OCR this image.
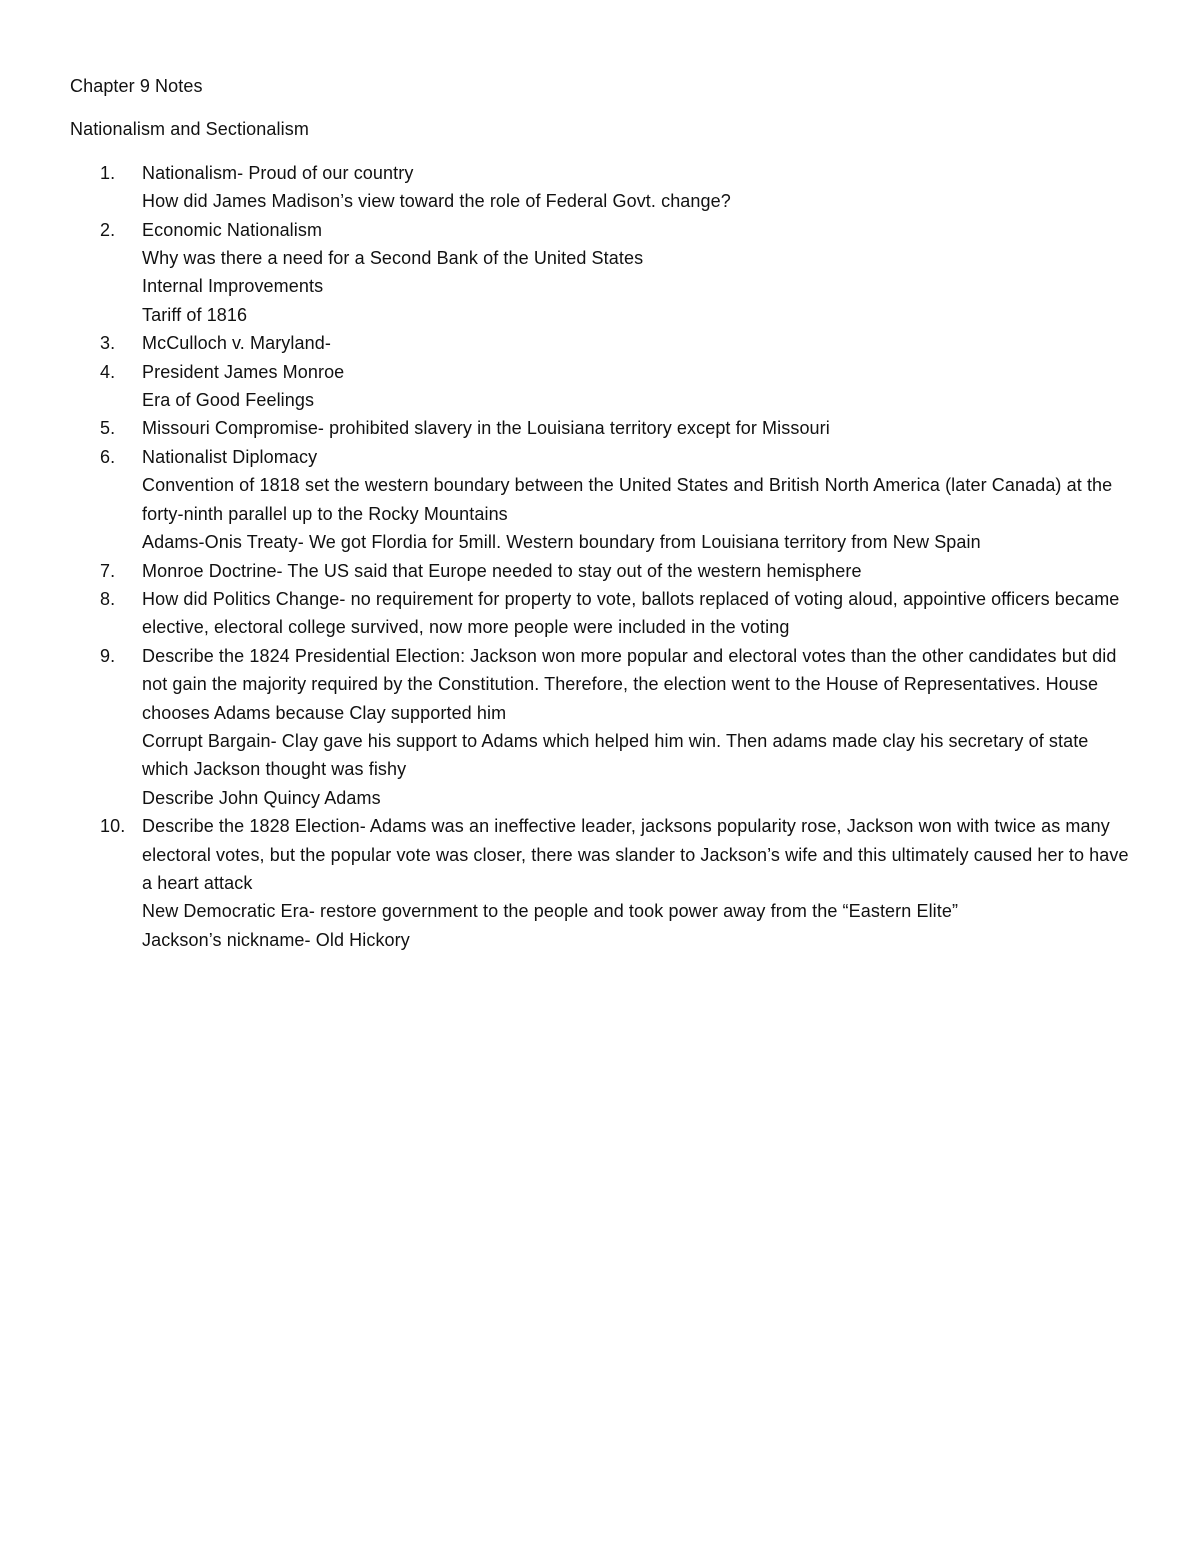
Chapter 9 Notes
Nationalism and Sectionalism
1. Nationalism- Proud of our country
How did James Madison’s view toward the role of Federal Govt. change?
2. Economic Nationalism
Why was there a need for a Second Bank of the United States
Internal Improvements
Tariff of 1816
3. McCulloch v. Maryland-
4. President James Monroe
Era of Good Feelings
5. Missouri Compromise- prohibited slavery in the Louisiana territory except for Missouri
6. Nationalist Diplomacy
Convention of 1818 set the western boundary between the United States and British North America (later Canada) at the forty-ninth parallel up to the Rocky Mountains
Adams-Onis Treaty- We got Flordia for 5mill. Western boundary from Louisiana territory from New Spain
7. Monroe Doctrine- The US said that Europe needed to stay out of the western hemisphere
8. How did Politics Change- no requirement for property to vote, ballots replaced of voting aloud, appointive officers became elective, electoral college survived, now more people were included in the voting
9. Describe the 1824 Presidential Election: Jackson won more popular and electoral votes than the other candidates but did not gain the majority required by the Constitution. Therefore, the election went to the House of Representatives. House chooses Adams because Clay supported him
Corrupt Bargain- Clay gave his support to Adams which helped him win. Then adams made clay his secretary of state which Jackson thought was fishy
Describe John Quincy Adams
10. Describe the 1828 Election- Adams was an ineffective leader, jacksons popularity rose, Jackson won with twice as many electoral votes, but the popular vote was closer, there was slander to Jackson’s wife and this ultimately caused her to have a heart attack
New Democratic Era- restore government to the people and took power away from the “Eastern Elite”
Jackson’s nickname- Old Hickory
